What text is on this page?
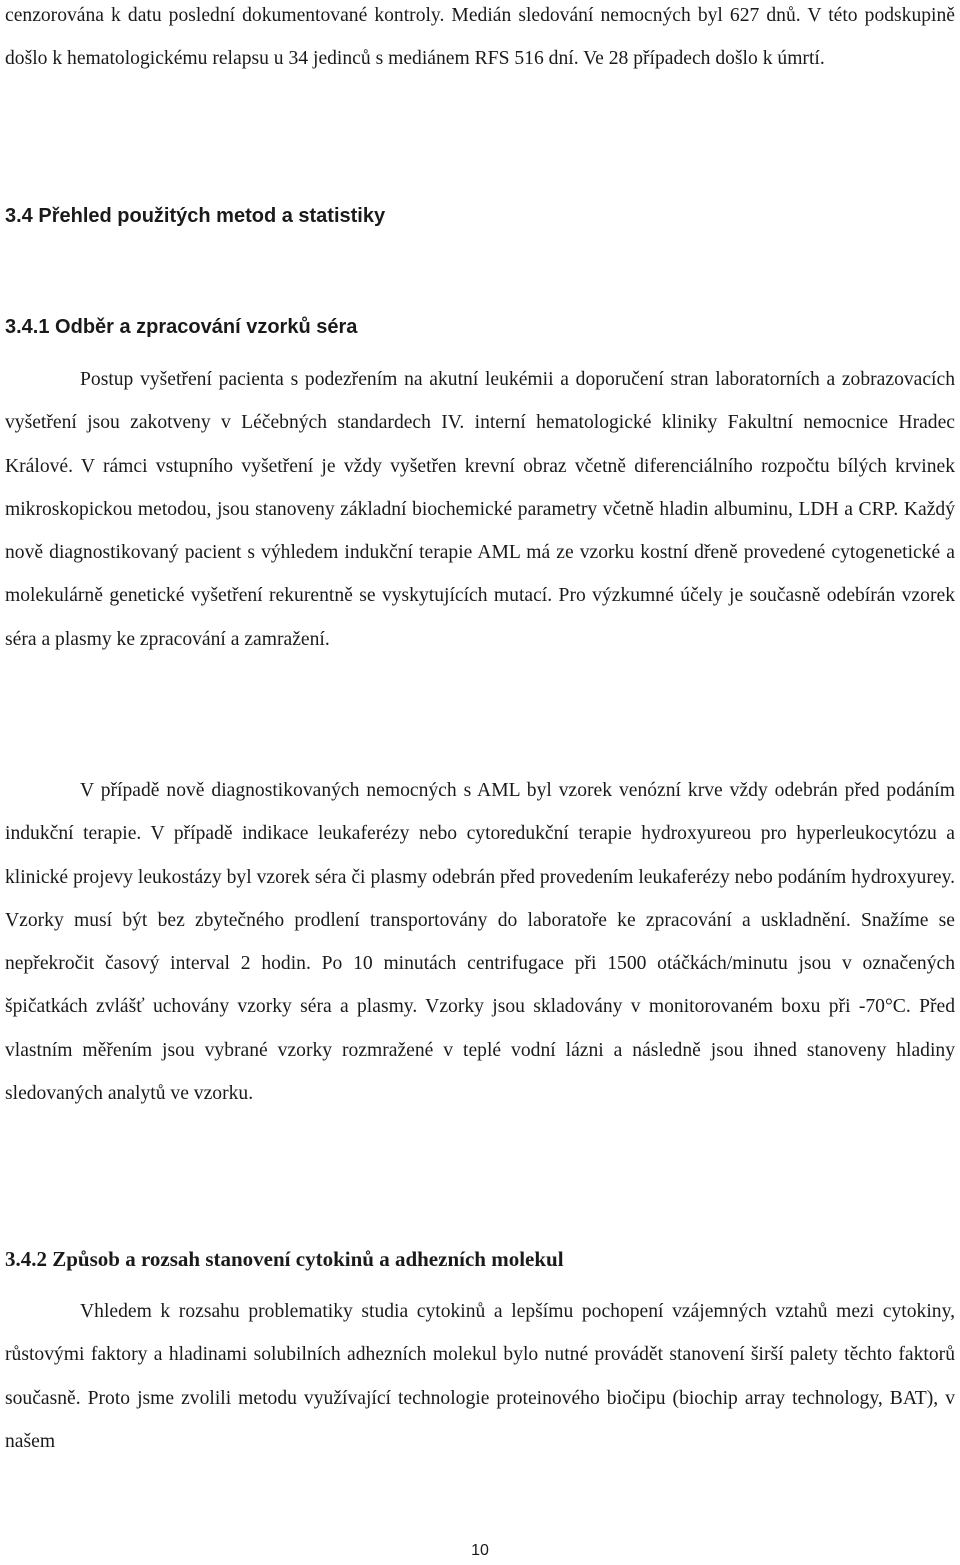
cenzorována k datu poslední dokumentované kontroly. Medián sledování nemocných byl 627 dnů. V této podskupině došlo k hematologickému relapsu u 34 jedinců s mediánem RFS 516 dní. Ve 28 případech došlo k úmrtí.

3.4 Přehled použitých metod a statistiky
3.4.1 Odběr a zpracování vzorků séra

Postup vyšetření pacienta s podezřením na akutní leukémii a doporučení stran laboratorních a zobrazovacích vyšetření jsou zakotveny v Léčebných standardech IV. interní hematologické kliniky Fakultní nemocnice Hradec Králové. V rámci vstupního vyšetření je vždy vyšetřen krevní obraz včetně diferenciálního rozpočtu bílých krvinek mikroskopickou metodou, jsou stanoveny základní biochemické parametry včetně hladin albuminu, LDH a CRP. Každý nově diagnostikovaný pacient s výhledem indukční terapie AML má ze vzorku kostní dřeně provedené cytogenetické a molekulárně genetické vyšetření rekurentně se vyskytujících mutací. Pro výzkumné účely je současně odebírán vzorek séra a plasmy ke zpracování a zamražení.

V případě nově diagnostikovaných nemocných s AML byl vzorek venózní krve vždy odebrán před podáním indukční terapie. V případě indikace leukaferézy nebo cytoredukční terapie hydroxyureou pro hyperleukocytózu a klinické projevy leukostázy byl vzorek séra či plasmy odebrán před provedením leukaferézy nebo podáním hydroxyurey. Vzorky musí být bez zbytečného prodlení transportovány do laboratoře ke zpracování a uskladnění. Snažíme se nepřekročit časový interval 2 hodin. Po 10 minutách centrifugace při 1500 otáčkách/minutu jsou v označených špičatkách zvlášť uchovány vzorky séra a plasmy. Vzorky jsou skladovány v monitorovaném boxu při -70°C. Před vlastním měřením jsou vybrané vzorky rozmražené v teplé vodní lázni a následně jsou ihned stanoveny hladiny sledovaných analytů ve vzorku.

3.4.2 Způsob a rozsah stanovení cytokinů a adhezních molekul

Vhledem k rozsahu problematiky studia cytokinů a lepšímu pochopení vzájemných vztahů mezi cytokiny, růstovými faktory a hladinami solubilních adhezních molekul bylo nutné provádět stanovení širší palety těchto faktorů současně. Proto jsme zvolili metodu využívající technologie proteinového biočipu (biochip array technology, BAT), v našem

10
